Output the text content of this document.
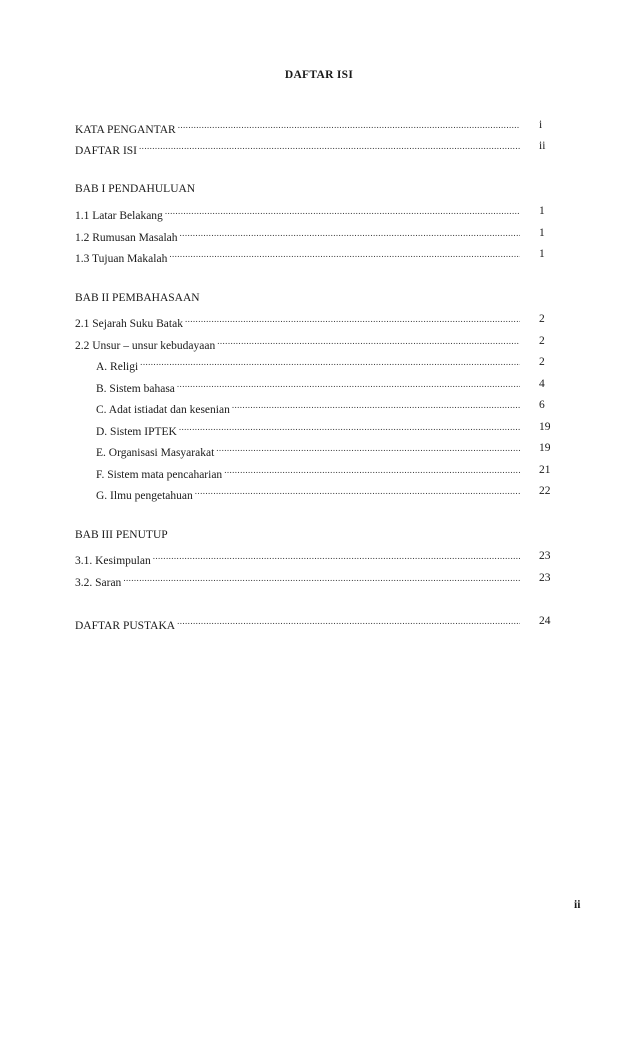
DAFTAR ISI
KATA PENGANTAR .....	i
DAFTAR ISI .....	ii
BAB I PENDAHULUAN
1.1 Latar Belakang .....	1
1.2 Rumusan Masalah .....	1
1.3 Tujuan Makalah .....	1
BAB II PEMBAHASAAN
2.1 Sejarah Suku Batak .....	2
2.2 Unsur – unsur kebudayaan .....	2
A. Religi .....	2
B. Sistem bahasa .....	4
C. Adat istiadat dan kesenian .....	6
D. Sistem IPTEK .....	19
E. Organisasi Masyarakat .....	19
F. Sistem mata pencaharian .....	21
G. Ilmu pengetahuan .....	22
BAB III PENUTUP
3.1. Kesimpulan .....	23
3.2. Saran .....	23
DAFTAR PUSTAKA .....	24
ii
